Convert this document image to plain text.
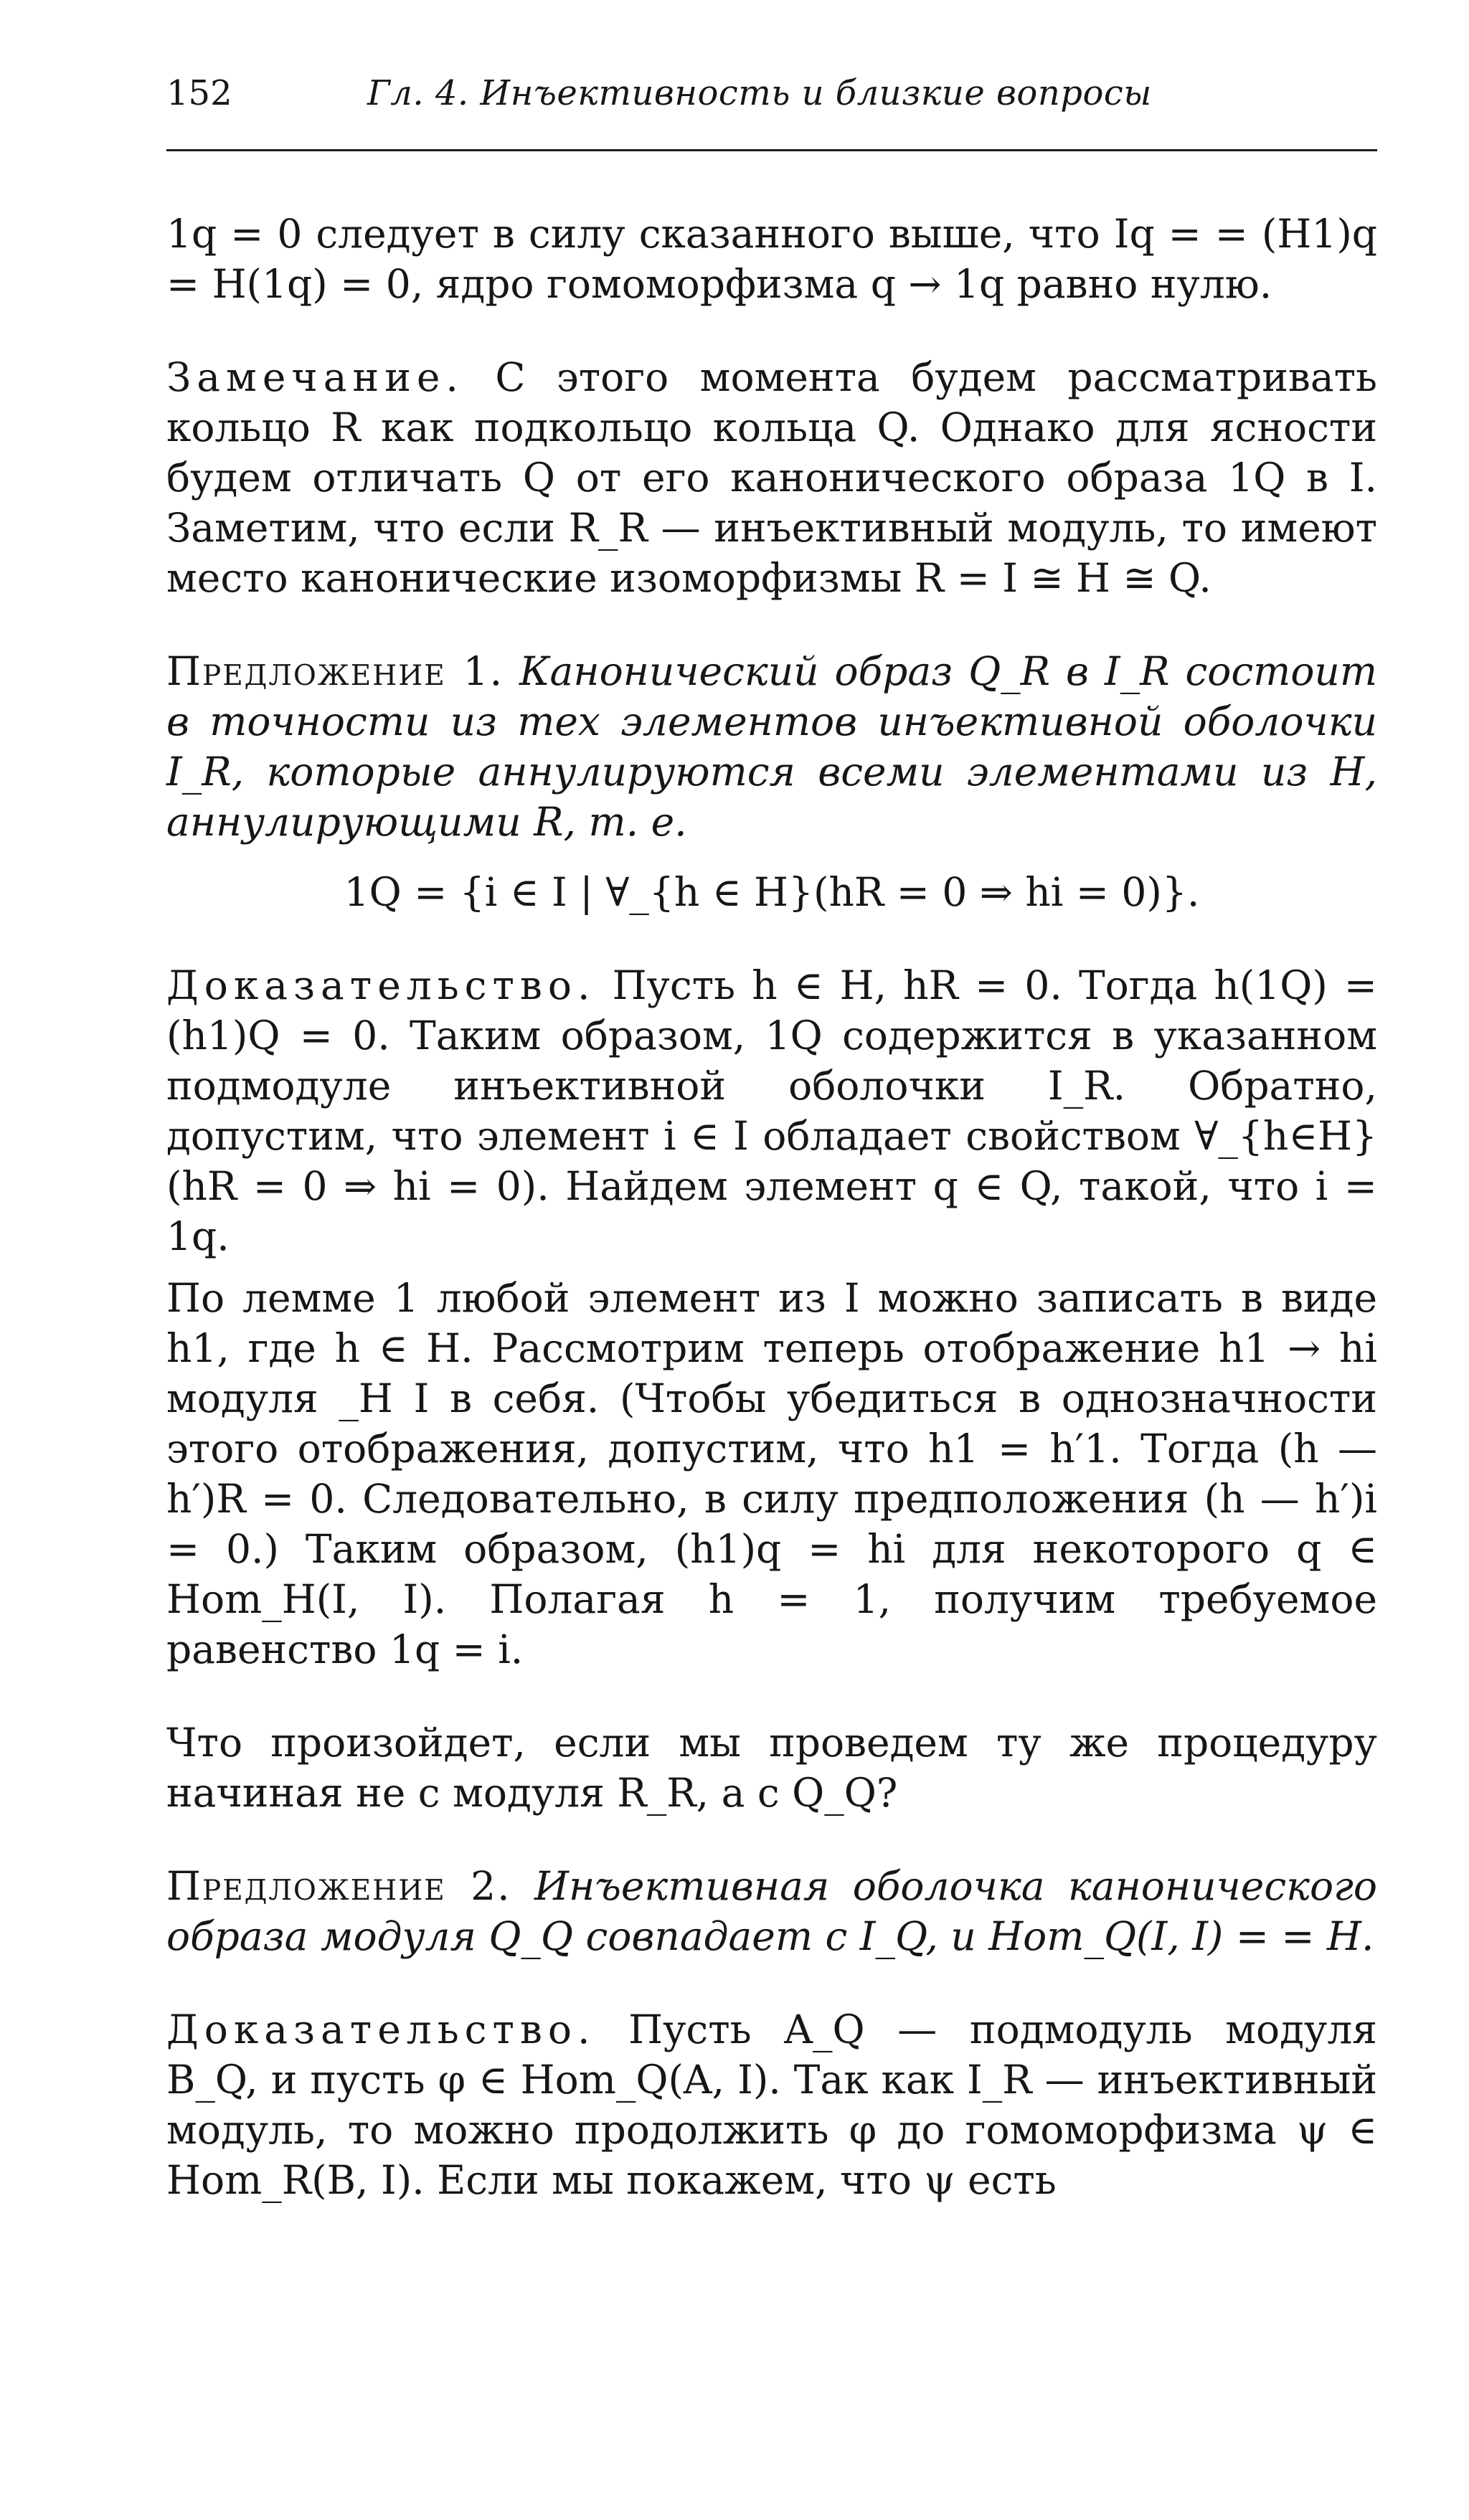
152	Гл. 4. Инъективность и близкие вопросы

1q = 0 следует в силу сказанного выше, что Iq = = (H1)q = H(1q) = 0, ядро гомоморфизма q → 1q равно нулю.

Замечание. С этого момента будем рассматривать кольцо R как подкольцо кольца Q. Однако для ясности будем отличать Q от его канонического образа 1Q в I. Заметим, что если R_R — инъективный модуль, то имеют место канонические изоморфизмы R = I ≅ H ≅ Q.

Предложение 1. Канонический образ Q_R в I_R состоит в точности из тех элементов инъективной оболочки I_R, которые аннулируются всеми элементами из H, аннулирующими R, т. е.

1Q = {i ∈ I | ∀_{h ∈ H}(hR = 0 ⇒ hi = 0)}.

Доказательство. Пусть h ∈ H, hR = 0. Тогда h(1Q) = (h1)Q = 0. Таким образом, 1Q содержится в указанном подмодуле инъективной оболочки I_R. Обратно, допустим, что элемент i ∈ I обладает свойством ∀_{h∈H}(hR = 0 ⇒ hi = 0). Найдем элемент q ∈ Q, такой, что i = 1q.

По лемме 1 любой элемент из I можно записать в виде h1, где h ∈ H. Рассмотрим теперь отображение h1 → hi модуля _H I в себя. (Чтобы убедиться в однозначности этого отображения, допустим, что h1 = h′1. Тогда (h — h′)R = 0. Следовательно, в силу предположения (h — h′)i = 0.) Таким образом, (h1)q = hi для некоторого q ∈ Hom_H(I, I). Полагая h = 1, получим требуемое равенство 1q = i.

Что произойдет, если мы проведем ту же процедуру начиная не с модуля R_R, а с Q_Q?

Предложение 2. Инъективная оболочка канонического образа модуля Q_Q совпадает с I_Q, и Hom_Q(I, I) = = H.

Доказательство. Пусть A_Q — подмодуль модуля B_Q, и пусть φ ∈ Hom_Q(A, I). Так как I_R — инъективный модуль, то можно продолжить φ до гомоморфизма ψ ∈ Hom_R(B, I). Если мы покажем, что ψ есть
